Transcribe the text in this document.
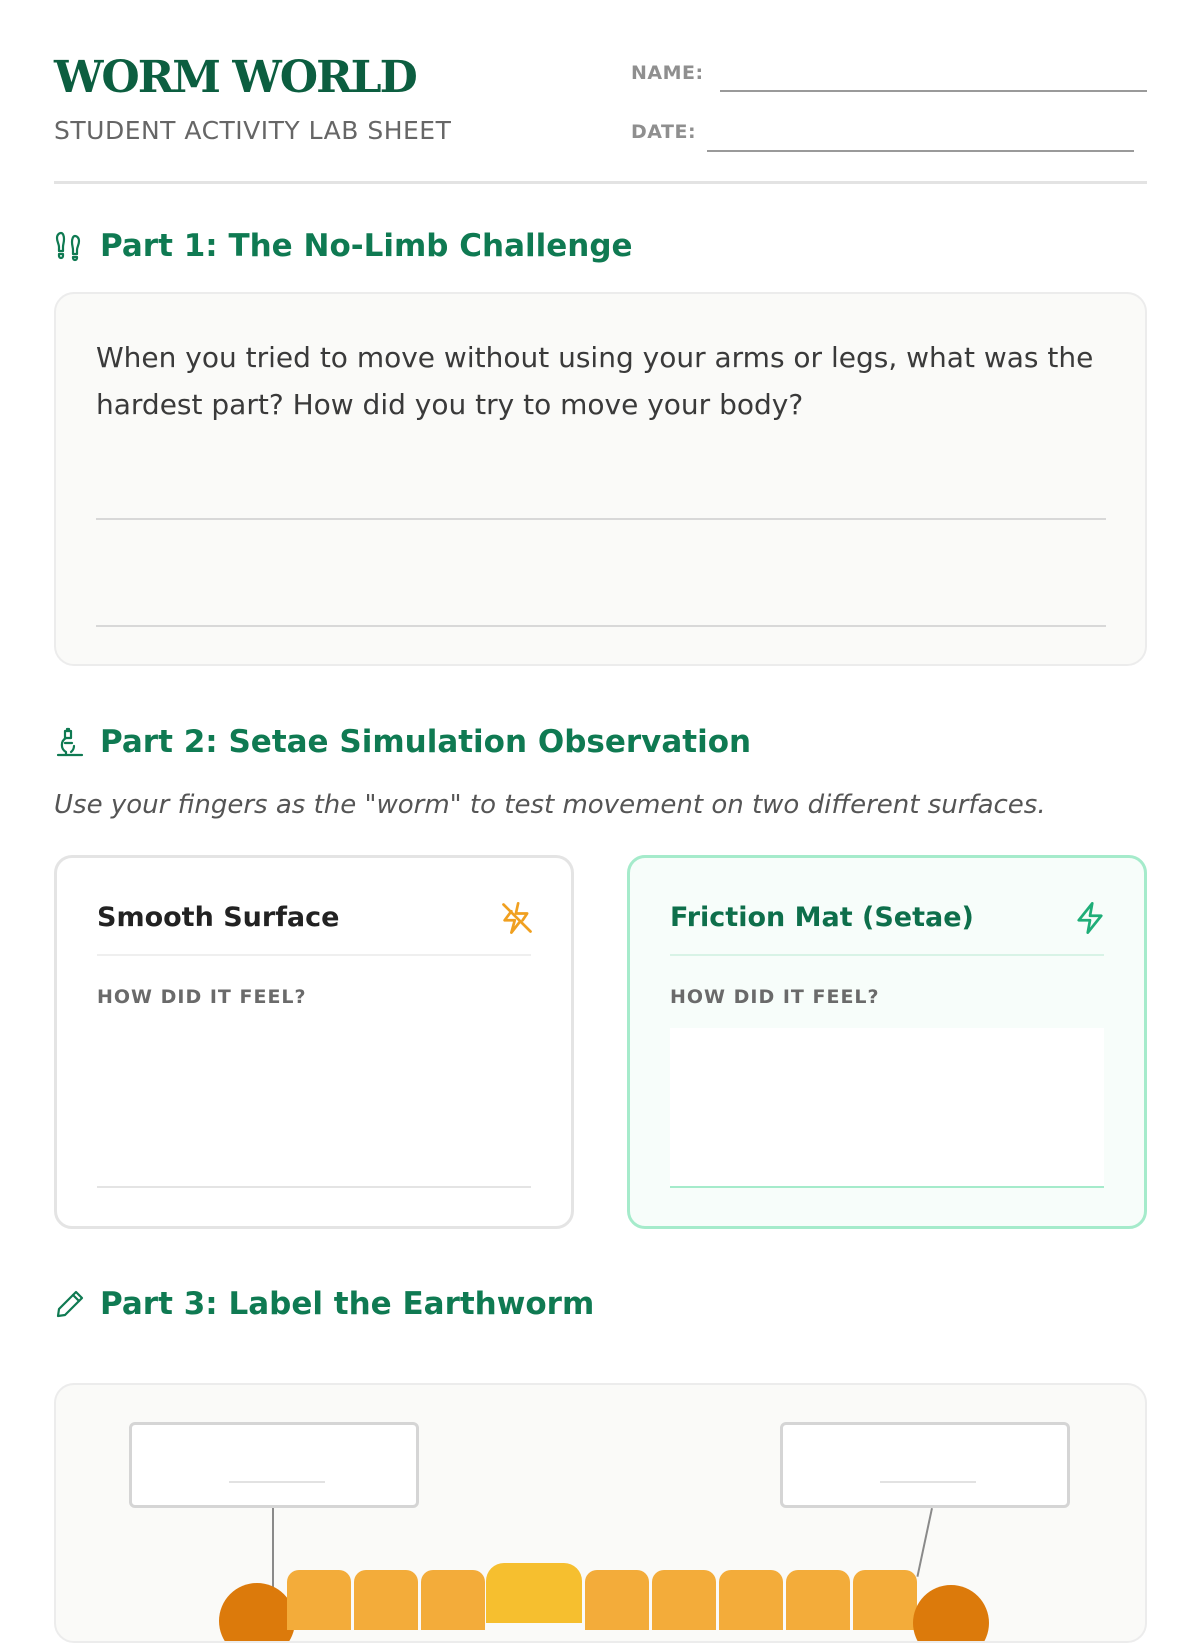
WORM WORLD
STUDENT ACTIVITY LAB SHEET
NAME:
DATE:
Part 1: The No-Limb Challenge
When you tried to move without using your arms or legs, what was the hardest part? How did you try to move your body?
Part 2: Setae Simulation Observation
Use your fingers as the "worm" to test movement on two different surfaces.
Smooth Surface
HOW DID IT FEEL?
Friction Mat (Setae)
HOW DID IT FEEL?
Part 3: Label the Earthworm
